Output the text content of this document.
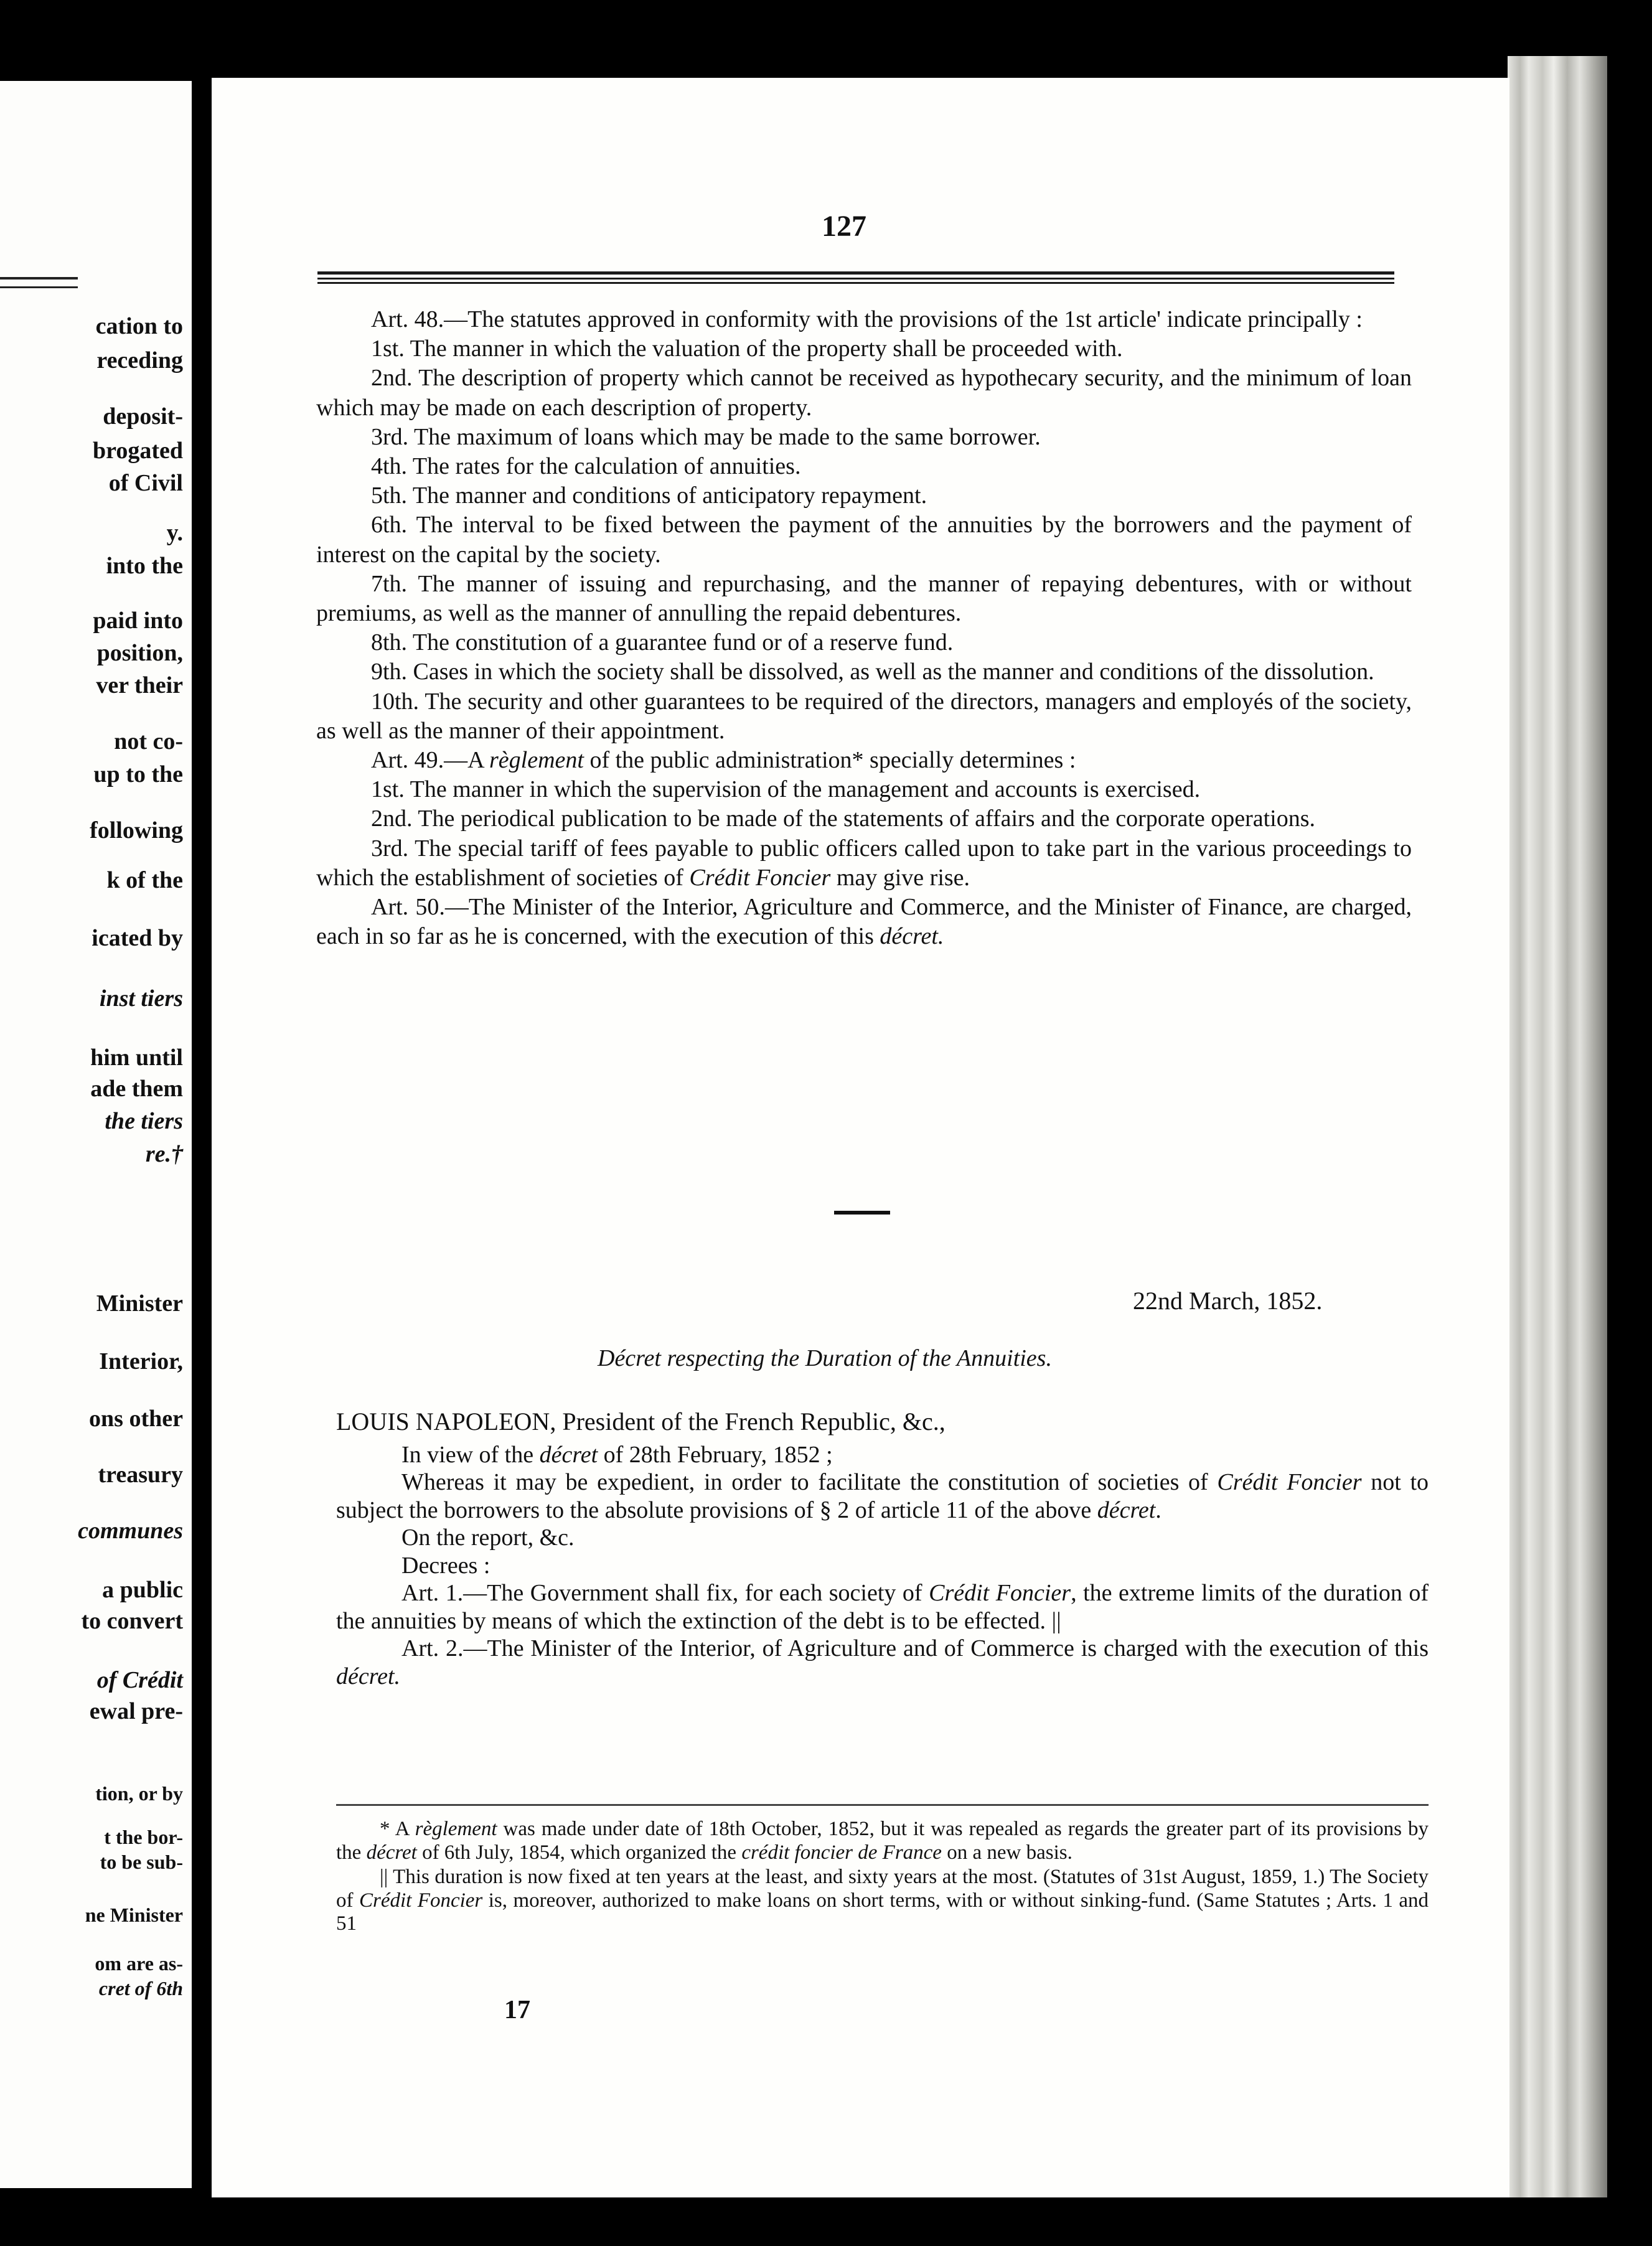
cation to
receding
deposit-
brogated
of Civil
y.
into the
paid into
position,
ver their
not co-
up to the
following
k of the
icated by
inst tiers
him until
ade them
the tiers
re.†
Minister
Interior,
ons other
treasury
communes
a public
to convert
of Crédit
ewal pre-
tion, or by
t the bor-
to be sub-
ne Minister
om are as-
cret of 6th
127

Art. 48.—The statutes approved in conformity with the provisions of the 1st article' indicate principally :

1st. The manner in which the valuation of the property shall be proceeded with.

2nd. The description of property which cannot be received as hypothecary security, and the minimum of loan which may be made on each description of property.

3rd. The maximum of loans which may be made to the same borrower.

4th. The rates for the calculation of annuities.

5th. The manner and conditions of anticipatory repayment.

6th. The interval to be fixed between the payment of the annuities by the borrowers and the payment of interest on the capital by the society.

7th. The manner of issuing and repurchasing, and the manner of repaying debentures, with or without premiums, as well as the manner of annulling the repaid debentures.

8th. The constitution of a guarantee fund or of a reserve fund.

9th. Cases in which the society shall be dissolved, as well as the manner and conditions of the dissolution.

10th. The security and other guarantees to be required of the directors, managers and employés of the society, as well as the manner of their appointment.

Art. 49.—A règlement of the public administration* specially determines :

1st. The manner in which the supervision of the management and accounts is exercised.

2nd. The periodical publication to be made of the statements of affairs and the corporate operations.

3rd. The special tariff of fees payable to public officers called upon to take part in the various proceedings to which the establishment of societies of Crédit Foncier may give rise.

Art. 50.—The Minister of the Interior, Agriculture and Commerce, and the Minister of Finance, are charged, each in so far as he is concerned, with the execution of this décret.

22nd March, 1852.
Décret respecting the Duration of the Annuities.

LOUIS NAPOLEON, President of the French Republic, &c.,

In view of the décret of 28th February, 1852 ;

Whereas it may be expedient, in order to facilitate the constitution of societies of Crédit Foncier not to subject the borrowers to the absolute provisions of § 2 of article 11 of the above décret.

On the report, &c.

Decrees :

Art. 1.—The Government shall fix, for each society of Crédit Foncier, the extreme limits of the duration of the annuities by means of which the extinction of the debt is to be effected. ||

Art. 2.—The Minister of the Interior, of Agriculture and of Commerce is charged with the execution of this décret.

* A règlement was made under date of 18th October, 1852, but it was repealed as regards the greater part of its provisions by the décret of 6th July, 1854, which organized the crédit foncier de France on a new basis.

|| This duration is now fixed at ten years at the least, and sixty years at the most. (Statutes of 31st August, 1859, 1.) The Society of Crédit Foncier is, moreover, authorized to make loans on short terms, with or without sinking-fund. (Same Statutes ; Arts. 1 and 51

17
